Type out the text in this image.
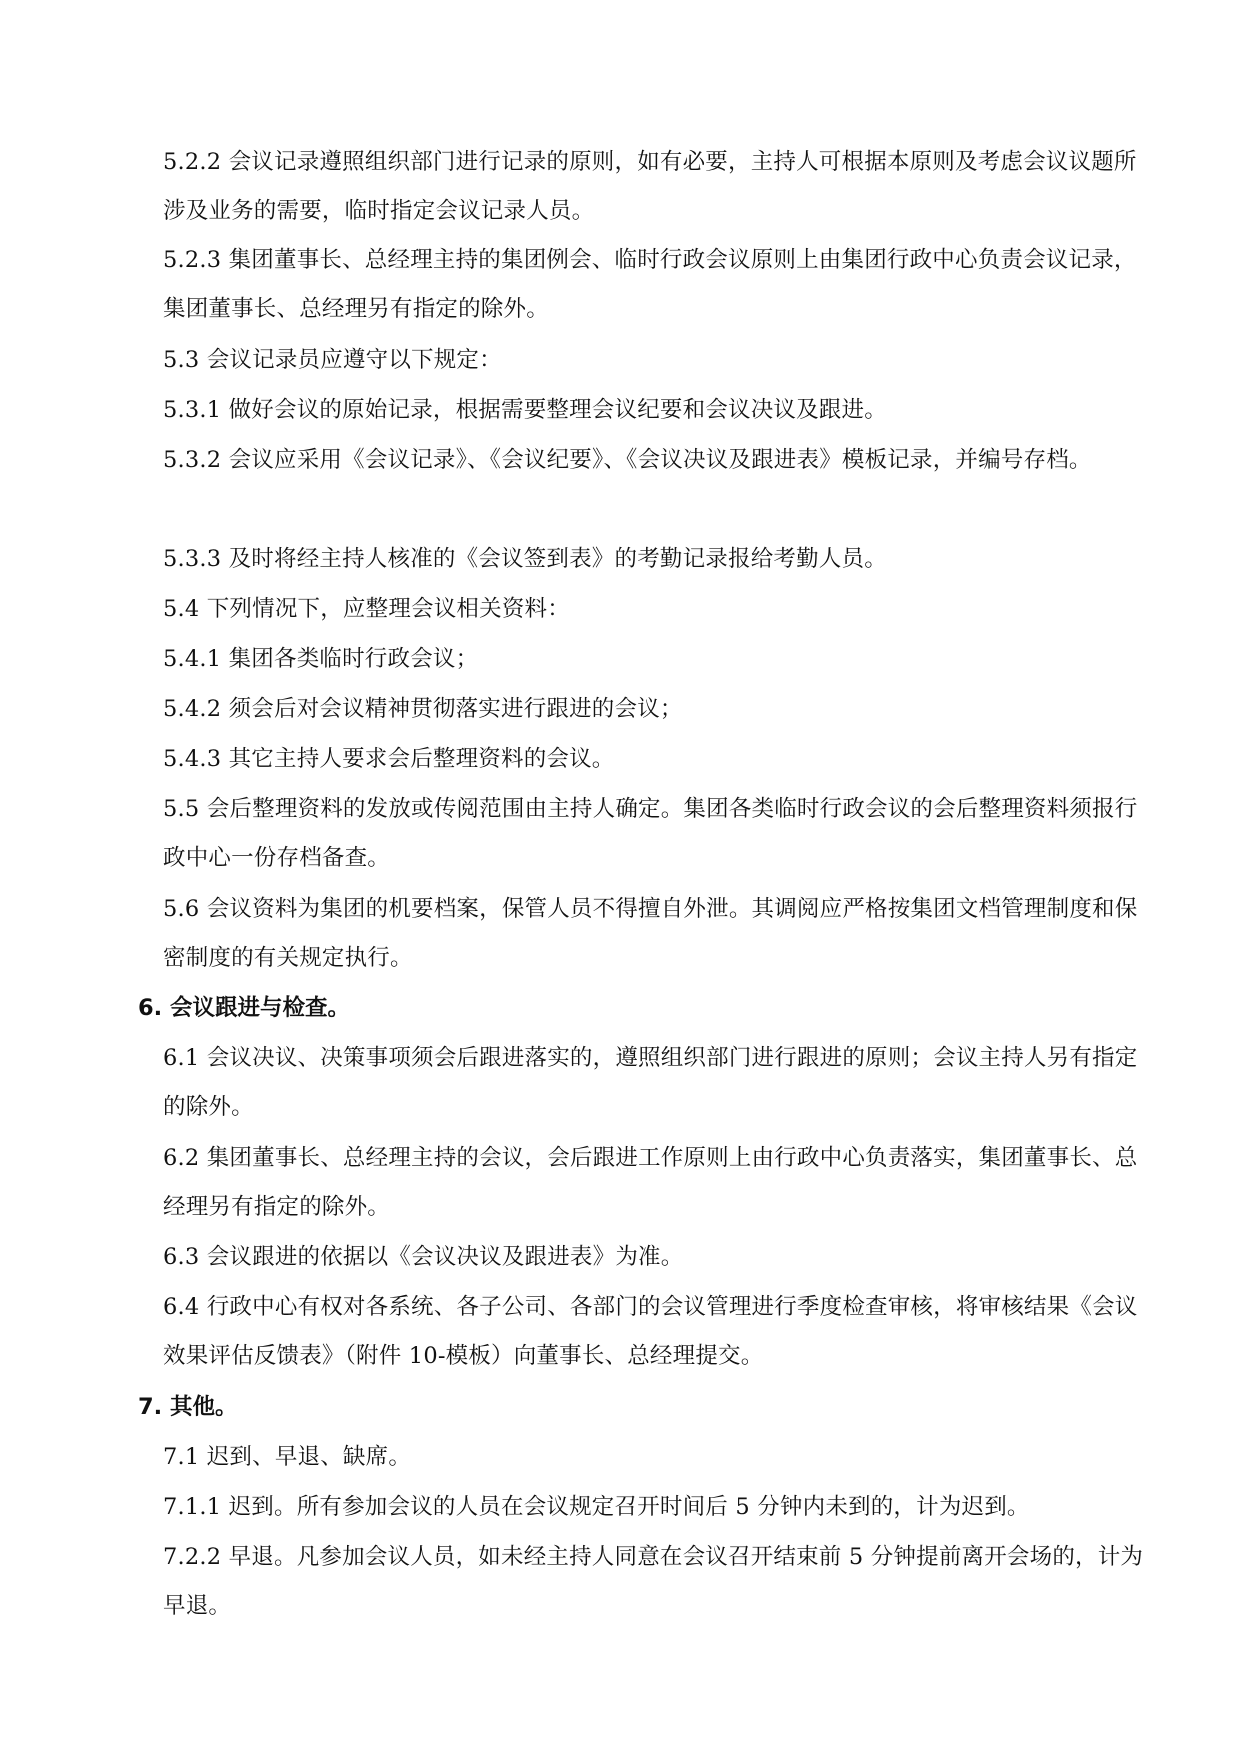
5.2.2 会议记录遵照组织部门进行记录的原则，如有必要，主持人可根据本原则及考虑会议议题所涉及业务的需要，临时指定会议记录人员。

5.2.3 集团董事长、总经理主持的集团例会、临时行政会议原则上由集团行政中心负责会议记录，集团董事长、总经理另有指定的除外。

5.3 会议记录员应遵守以下规定：

5.3.1 做好会议的原始记录，根据需要整理会议纪要和会议决议及跟进。

5.3.2 会议应采用《会议记录》、《会议纪要》、《会议决议及跟进表》模板记录，并编号存档。

5.3.3 及时将经主持人核准的《会议签到表》的考勤记录报给考勤人员。

5.4 下列情况下，应整理会议相关资料：

5.4.1 集团各类临时行政会议；

5.4.2 须会后对会议精神贯彻落实进行跟进的会议；

5.4.3 其它主持人要求会后整理资料的会议。

5.5 会后整理资料的发放或传阅范围由主持人确定。集团各类临时行政会议的会后整理资料须报行政中心一份存档备查。

5.6 会议资料为集团的机要档案，保管人员不得擅自外泄。其调阅应严格按集团文档管理制度和保密制度的有关规定执行。

6. 会议跟进与检查。

6.1 会议决议、决策事项须会后跟进落实的，遵照组织部门进行跟进的原则；会议主持人另有指定的除外。

6.2 集团董事长、总经理主持的会议，会后跟进工作原则上由行政中心负责落实，集团董事长、总经理另有指定的除外。

6.3 会议跟进的依据以《会议决议及跟进表》为准。

6.4 行政中心有权对各系统、各子公司、各部门的会议管理进行季度检查审核，将审核结果《会议效果评估反馈表》（附件 10-模板）向董事长、总经理提交。

7. 其他。

7.1 迟到、早退、缺席。

7.1.1 迟到。所有参加会议的人员在会议规定召开时间后 5 分钟内未到的，计为迟到。

7.2.2 早退。凡参加会议人员，如未经主持人同意在会议召开结束前 5 分钟提前离开会场的，计为早退。
